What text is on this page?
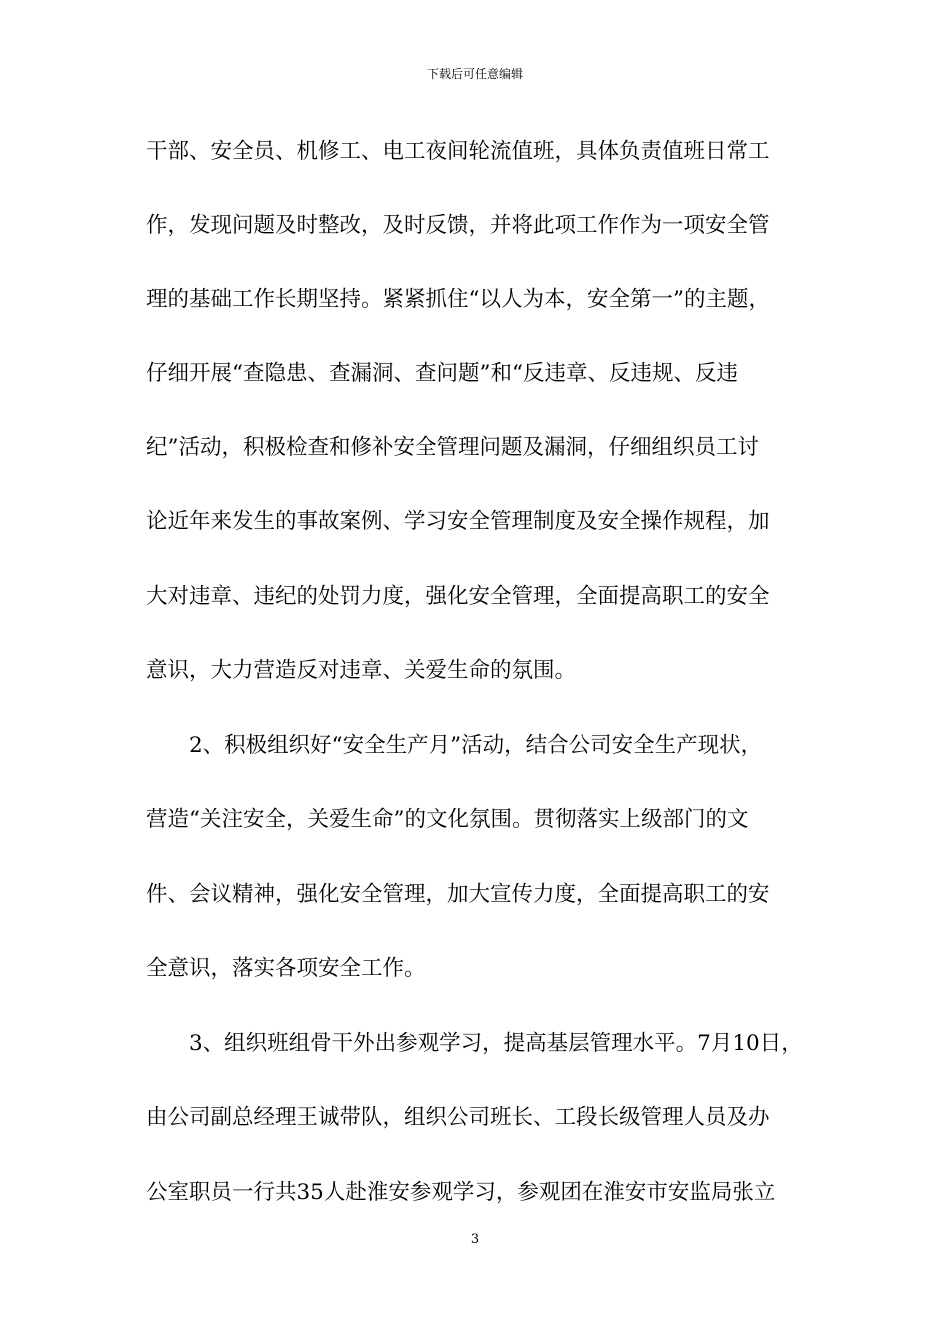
下载后可任意编辑
干部、安全员、机修工、电工夜间轮流值班，具体负责值班日常工
作，发现问题及时整改，及时反馈，并将此项工作作为一项安全管
理的基础工作长期坚持。紧紧抓住“以人为本，安全第一”的主题，
仔细开展“查隐患、查漏洞、查问题”和“反违章、反违规、反违
纪”活动，积极检查和修补安全管理问题及漏洞，仔细组织员工讨
论近年来发生的事故案例、学习安全管理制度及安全操作规程，加
大对违章、违纪的处罚力度，强化安全管理，全面提高职工的安全
意识，大力营造反对违章、关爱生命的氛围。
　　2、积极组织好“安全生产月”活动，结合公司安全生产现状，
营造“关注安全，关爱生命”的文化氛围。贯彻落实上级部门的文
件、会议精神，强化安全管理，加大宣传力度，全面提高职工的安
全意识，落实各项安全工作。
　　3、组织班组骨干外出参观学习，提高基层管理水平。7月10日，
由公司副总经理王诚带队，组织公司班长、工段长级管理人员及办
公室职员一行共35人赴淮安参观学习，参观团在淮安市安监局张立
3
